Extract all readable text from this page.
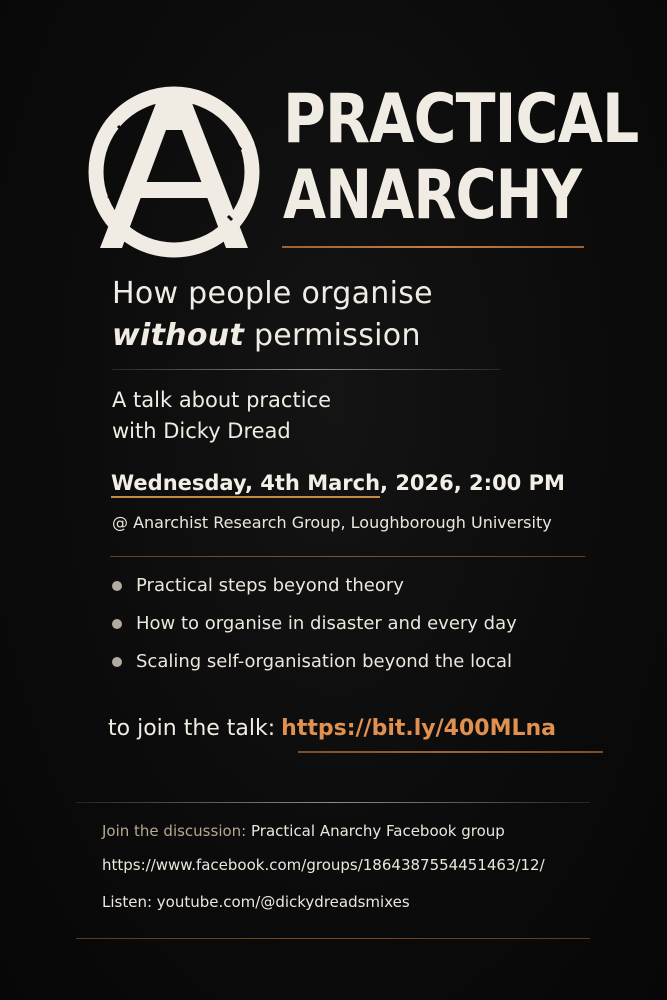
PRACTICAL
ANARCHY
How people organise
without permission
A talk about practice
with Dicky Dread
Wednesday, 4th March, 2026, 2:00 PM
@ Anarchist Research Group, Loughborough University
Practical steps beyond theory
How to organise in disaster and every day
Scaling self-organisation beyond the local
to join the talk: https://bit.ly/400MLna
Join the discussion: Practical Anarchy Facebook group
https://www.facebook.com/groups/1864387554451463/12/
Listen: youtube.com/@dickydreadsmixes
